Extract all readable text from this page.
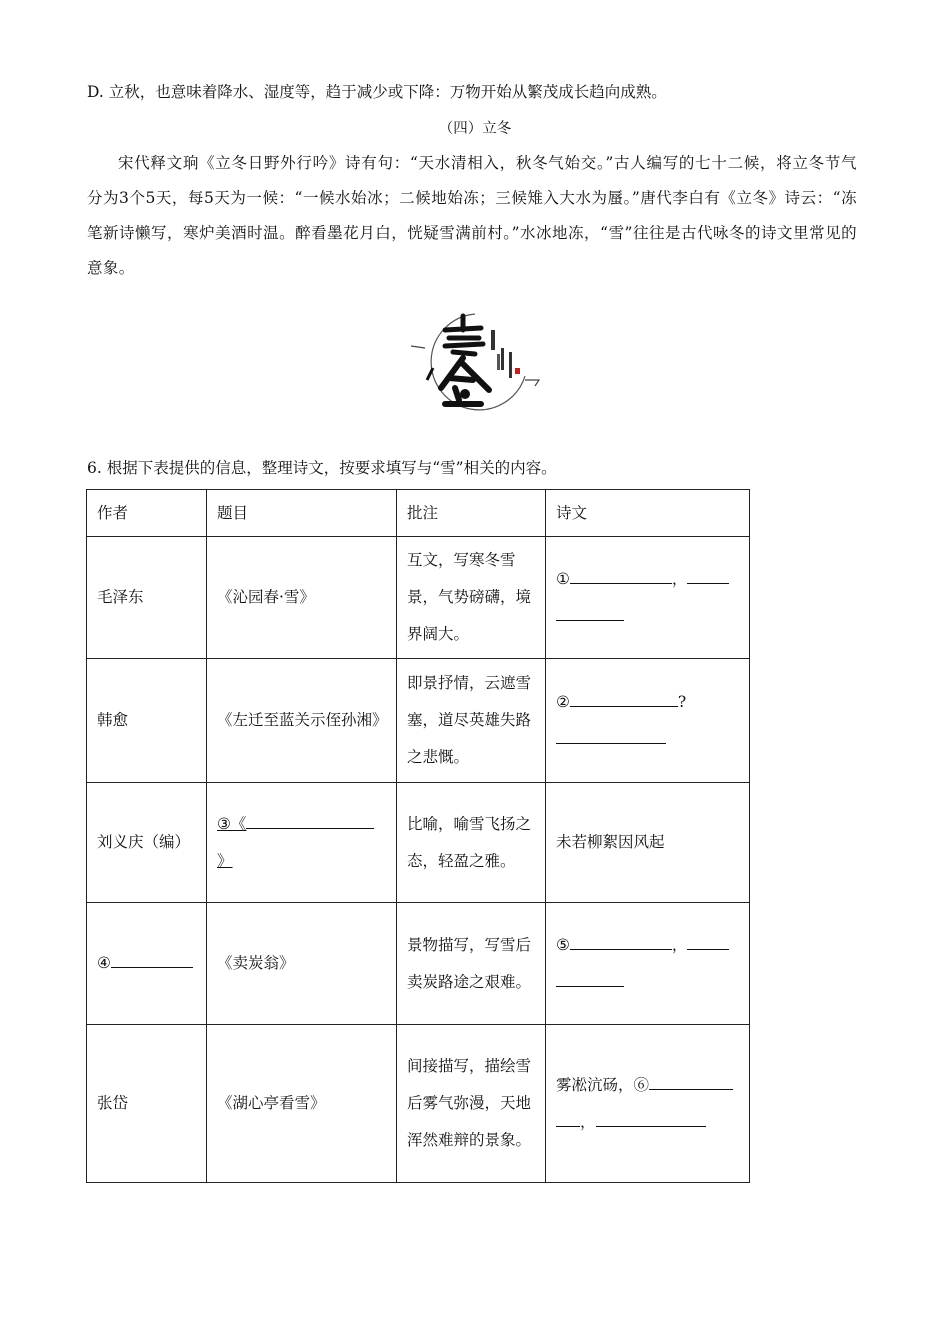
D. 立秋，也意味着降水、湿度等，趋于减少或下降：万物开始从繁茂成长趋向成熟。
（四）立冬
宋代释文珦《立冬日野外行吟》诗有句：“天水清相入，秋冬气始交。”古人编写的七十二候，将立冬节气分为3个5天，每5天为一候：“一候水始冰；二候地始冻；三候雉入大水为蜃。”唐代李白有《立冬》诗云：“冻笔新诗懒写，寒炉美酒时温。醉看墨花月白，恍疑雪满前村。”水冰地冻，“雪”往往是古代咏冬的诗文里常见的意象。
6. 根据下表提供的信息，整理诗文，按要求填写与“雪”相关的内容。
作者	题目	批注	诗文
毛泽东	《沁园春·雪》	互文，写寒冬雪景，气势磅礴，境界阔大。	① ，

韩愈	《左迁至蓝关示侄孙湘》	即景抒情，云遮雪塞，道尽英雄失路之悲慨。	② ?

刘义庆（编）	③《
》	比喻，喻雪飞扬之态，轻盈之雅。	未若柳絮因风起
④	《卖炭翁》	景物描写，写雪后卖炭路途之艰难。	⑤ ，

张岱	《湖心亭看雪》	间接描写，描绘雪后雾气弥漫，天地浑然难辩的景象。	雾凇沆砀，⑥
，
